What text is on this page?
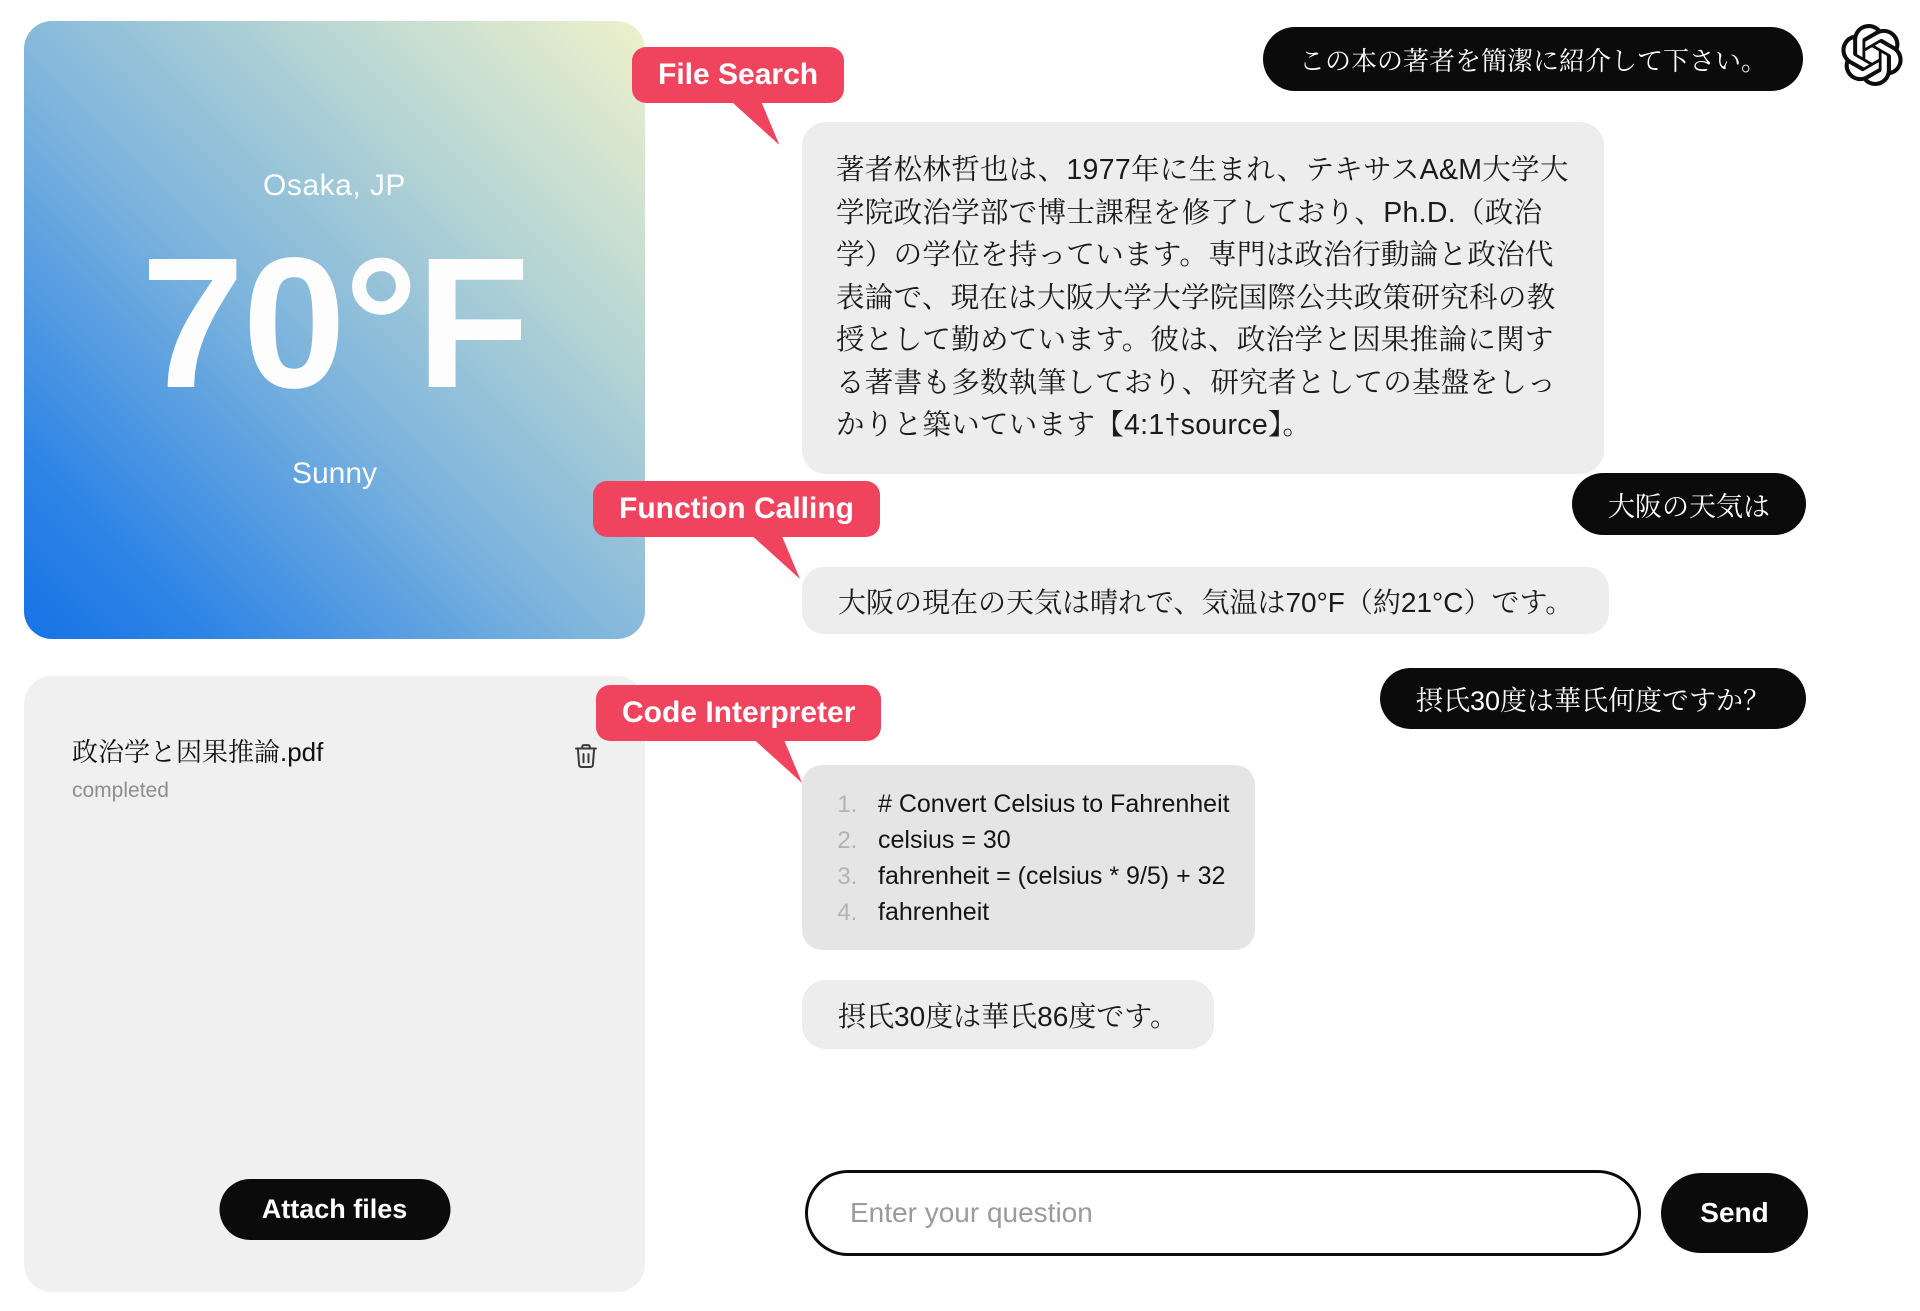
Osaka, JP
70°F
Sunny
政治学と因果推論.pdf
completed
Attach files
File Search
Function Calling
Code Interpreter
この本の著者を簡潔に紹介して下さい。
大阪の天気は
摂氏30度は華氏何度ですか？
著者松林哲也は、1977年に生まれ、テキサスA&M大学大学院政治学部で博士課程を修了しており、Ph.D.（政治学）の学位を持っています。専門は政治行動論と政治代表論で、現在は大阪大学大学院国際公共政策研究科の教授として勤めています。彼は、政治学と因果推論に関する著書も多数執筆しており、研究者としての基盤をしっかりと築いています【4:1†source】。
大阪の現在の天気は晴れで、気温は70°F（約21°C）です。
1. # Convert Celsius to Fahrenheit
2. celsius = 30
3. fahrenheit = (celsius * 9/5) + 32
4. fahrenheit
摂氏30度は華氏86度です。
Enter your question
Send
